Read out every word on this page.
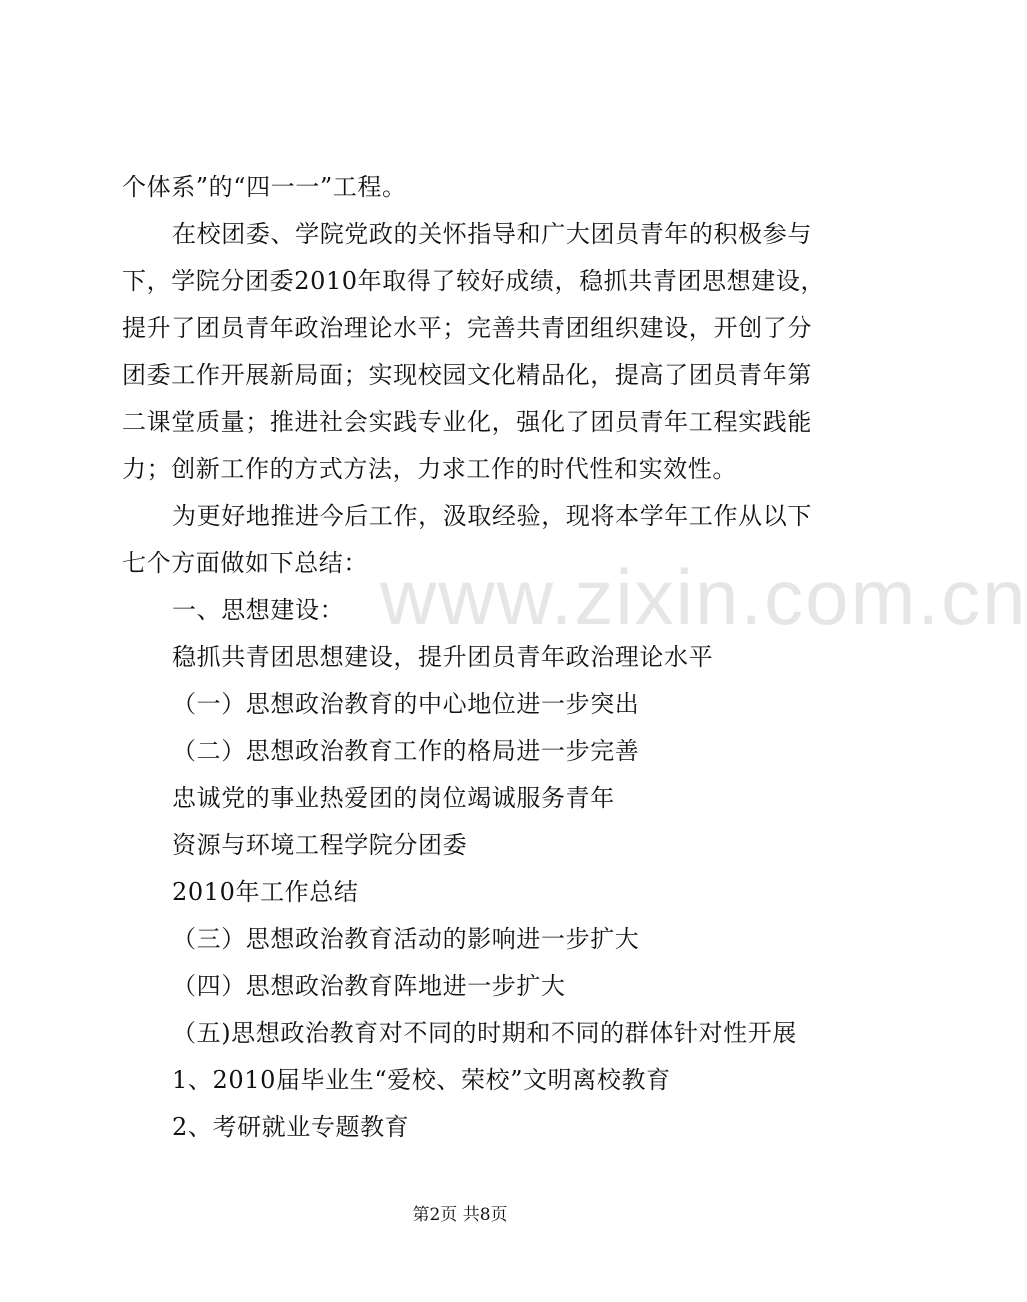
www.zixin.com.cn
个体系”的“四一一”工程。
在校团委、学院党政的关怀指导和广大团员青年的积极参与
下，学院分团委2010年取得了较好成绩，稳抓共青团思想建设，
提升了团员青年政治理论水平；完善共青团组织建设，开创了分
团委工作开展新局面；实现校园文化精品化，提高了团员青年第
二课堂质量；推进社会实践专业化，强化了团员青年工程实践能
力；创新工作的方式方法，力求工作的时代性和实效性。
为更好地推进今后工作，汲取经验，现将本学年工作从以下
七个方面做如下总结：
一、思想建设：
稳抓共青团思想建设，提升团员青年政治理论水平
（一）思想政治教育的中心地位进一步突出
（二）思想政治教育工作的格局进一步完善
忠诚党的事业热爱团的岗位竭诚服务青年
资源与环境工程学院分团委
2010年工作总结
（三）思想政治教育活动的影响进一步扩大
（四）思想政治教育阵地进一步扩大
（五)思想政治教育对不同的时期和不同的群体针对性开展
1、2010届毕业生“爱校、荣校”文明离校教育
2、考研就业专题教育
第2页 共8页
